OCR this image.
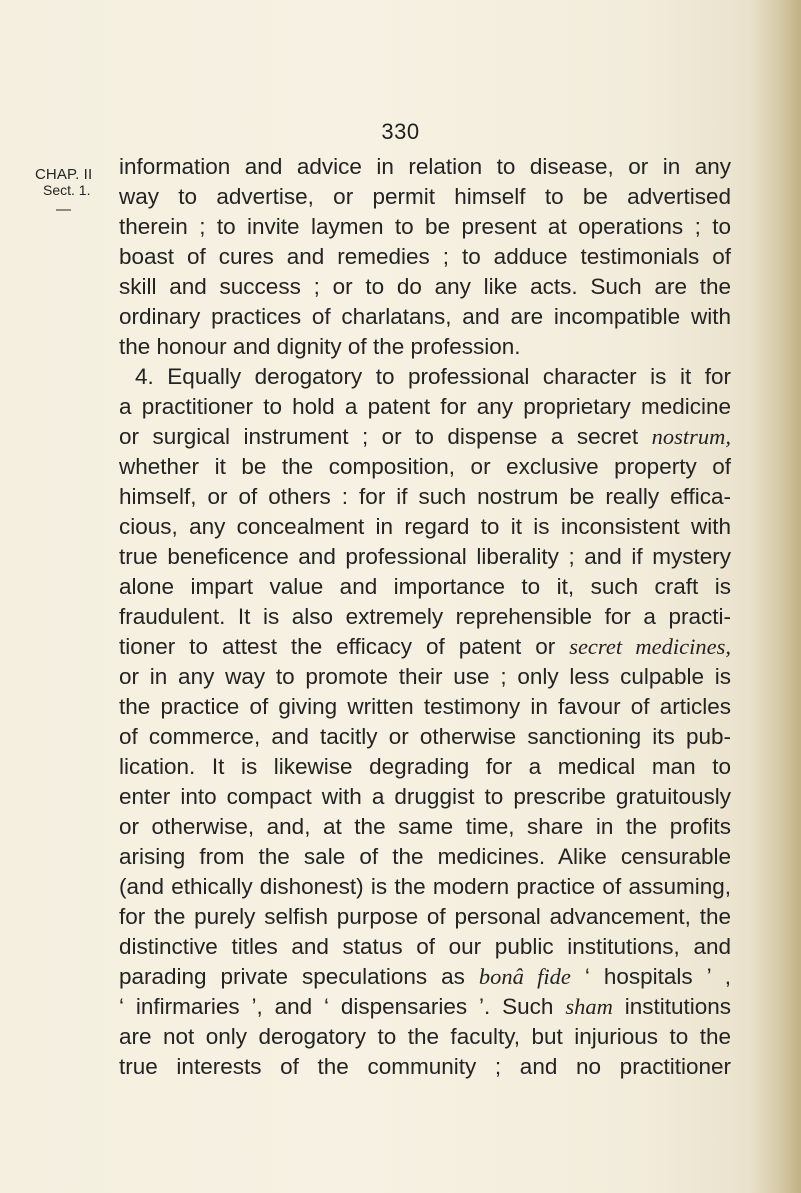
330
CHAP. II
Sect. 1.
—
information and advice in relation to disease, or in any
way to advertise, or permit himself to be advertised
therein ; to invite laymen to be present at operations ; to
boast of cures and remedies ; to adduce testimonials of
skill and success ; or to do any like acts. Such are the
ordinary practices of charlatans, and are incompatible with
the honour and dignity of the profession.
4. Equally derogatory to professional character is it for
a practitioner to hold a patent for any proprietary medicine
or surgical instrument ; or to dispense a secret nostrum,
whether it be the composition, or exclusive property of
himself, or of others : for if such nostrum be really effica-
cious, any concealment in regard to it is inconsistent with
true beneficence and professional liberality ; and if mystery
alone impart value and importance to it, such craft is
fraudulent. It is also extremely reprehensible for a practi-
tioner to attest the efficacy of patent or secret medicines,
or in any way to promote their use ; only less culpable is
the practice of giving written testimony in favour of articles
of commerce, and tacitly or otherwise sanctioning its pub-
lication. It is likewise degrading for a medical man to
enter into compact with a druggist to prescribe gratuitously
or otherwise, and, at the same time, share in the profits
arising from the sale of the medicines. Alike censurable
(and ethically dishonest) is the modern practice of assuming,
for the purely selfish purpose of personal advancement, the
distinctive titles and status of our public institutions, and
parading private speculations as bonâ fide ‘ hospitals ’ ,
‘ infirmaries ’, and ‘ dispensaries ’. Such sham institutions
are not only derogatory to the faculty, but injurious to the
true interests of the community ; and no practitioner
